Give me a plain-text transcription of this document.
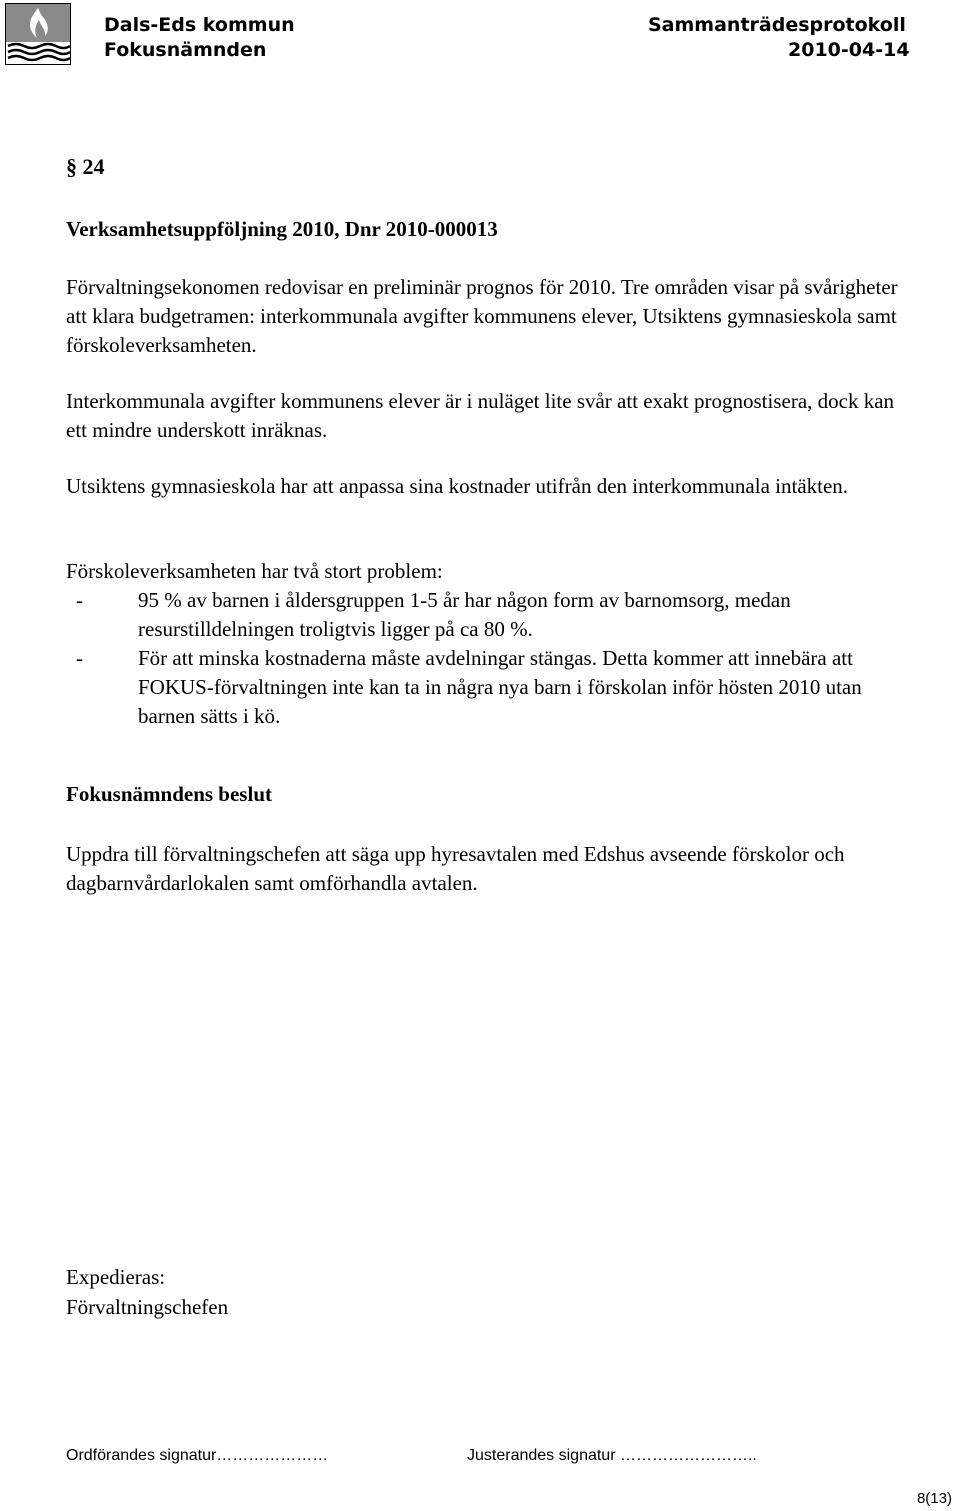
Dals-Eds kommun
Fokusnämnden
Sammanträdesprotokoll
2010-04-14
§ 24
Verksamhetsuppföljning 2010, Dnr 2010-000013

Förvaltningsekonomen redovisar en preliminär prognos för 2010. Tre områden visar på svårigheter att klara budgetramen: interkommunala avgifter kommunens elever, Utsiktens gymnasieskola samt förskoleverksamheten.

Interkommunala avgifter kommunens elever är i nuläget lite svår att exakt prognostisera, dock kan ett mindre underskott inräknas.

Utsiktens gymnasieskola har att anpassa sina kostnader utifrån den interkommunala intäkten.

Förskoleverksamheten har två stort problem:

-	95 % av barnen i åldersgruppen 1-5 år har någon form av barnomsorg, medan resurstilldelningen troligtvis ligger på ca 80 %.
-	För att minska kostnaderna måste avdelningar stängas. Detta kommer att innebära att FOKUS-förvaltningen inte kan ta in några nya barn i förskolan inför hösten 2010 utan barnen sätts i kö.
Fokusnämndens beslut

Uppdra till förvaltningschefen att säga upp hyresavtalen med Edshus avseende förskolor och dagbarnvårdarlokalen samt omförhandla avtalen.

Expedieras:
Förvaltningschefen
Ordförandes signatur…………………	Justerandes signatur ……………………..
8(13)
